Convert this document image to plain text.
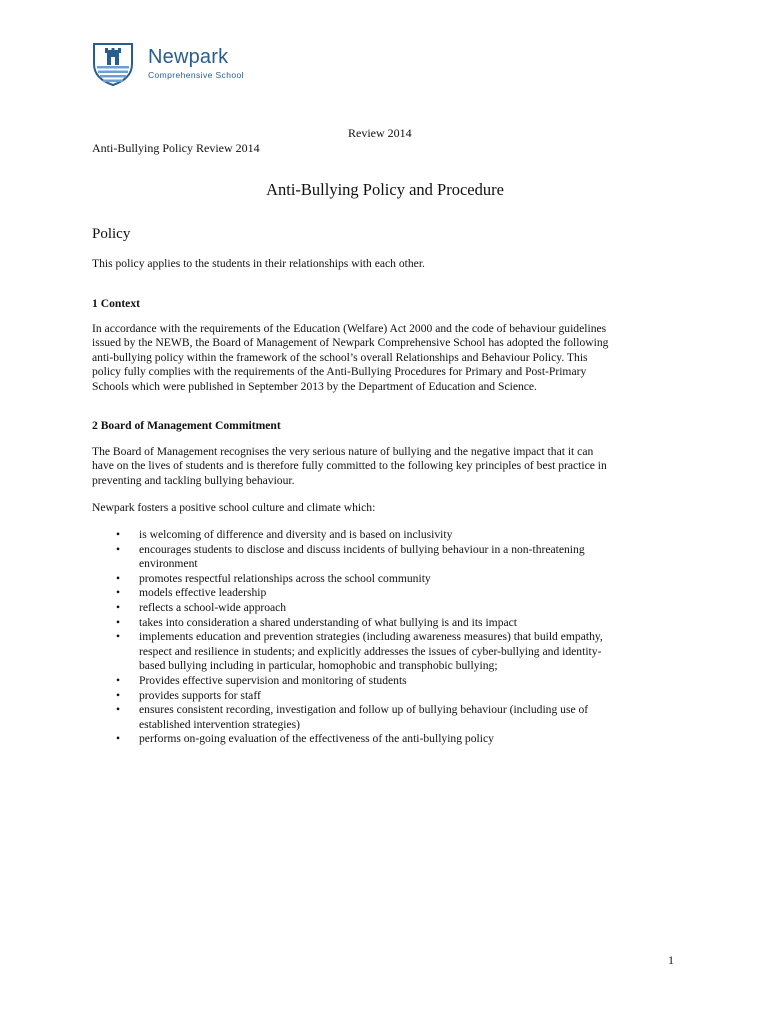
Newpark
Comprehensive School
Review 2014
Anti-Bullying Policy Review 2014
Anti-Bullying Policy and Procedure
Policy

This policy applies to the students in their relationships with each other.

1 Context
In accordance with the requirements of the Education (Welfare) Act 2000 and the code of behaviour guidelines
issued by the NEWB, the Board of Management of Newpark Comprehensive School has adopted the following
anti-bullying policy within the framework of the school’s overall Relationships and Behaviour Policy. This
policy fully complies with the requirements of the Anti-Bullying Procedures for Primary and Post-Primary
Schools which were published in September 2013 by the Department of Education and Science.
2 Board of Management Commitment
The Board of Management recognises the very serious nature of bullying and the negative impact that it can
have on the lives of students and is therefore fully committed to the following key principles of best practice in
preventing and tackling bullying behaviour.

Newpark fosters a positive school culture and climate which:

• is welcoming of difference and diversity and is based on inclusivity
• encourages students to disclose and discuss incidents of bullying behaviour in a non-threatening
environment
• promotes respectful relationships across the school community
• models effective leadership
• reflects a school-wide approach
• takes into consideration a shared understanding of what bullying is and its impact
• implements education and prevention strategies (including awareness measures) that build empathy,
respect and resilience in students; and explicitly addresses the issues of cyber-bullying and identity-
based bullying including in particular, homophobic and transphobic bullying;
• Provides effective supervision and monitoring of students
• provides supports for staff
• ensures consistent recording, investigation and follow up of bullying behaviour (including use of
established intervention strategies)
• performs on-going evaluation of the effectiveness of the anti-bullying policy
1
